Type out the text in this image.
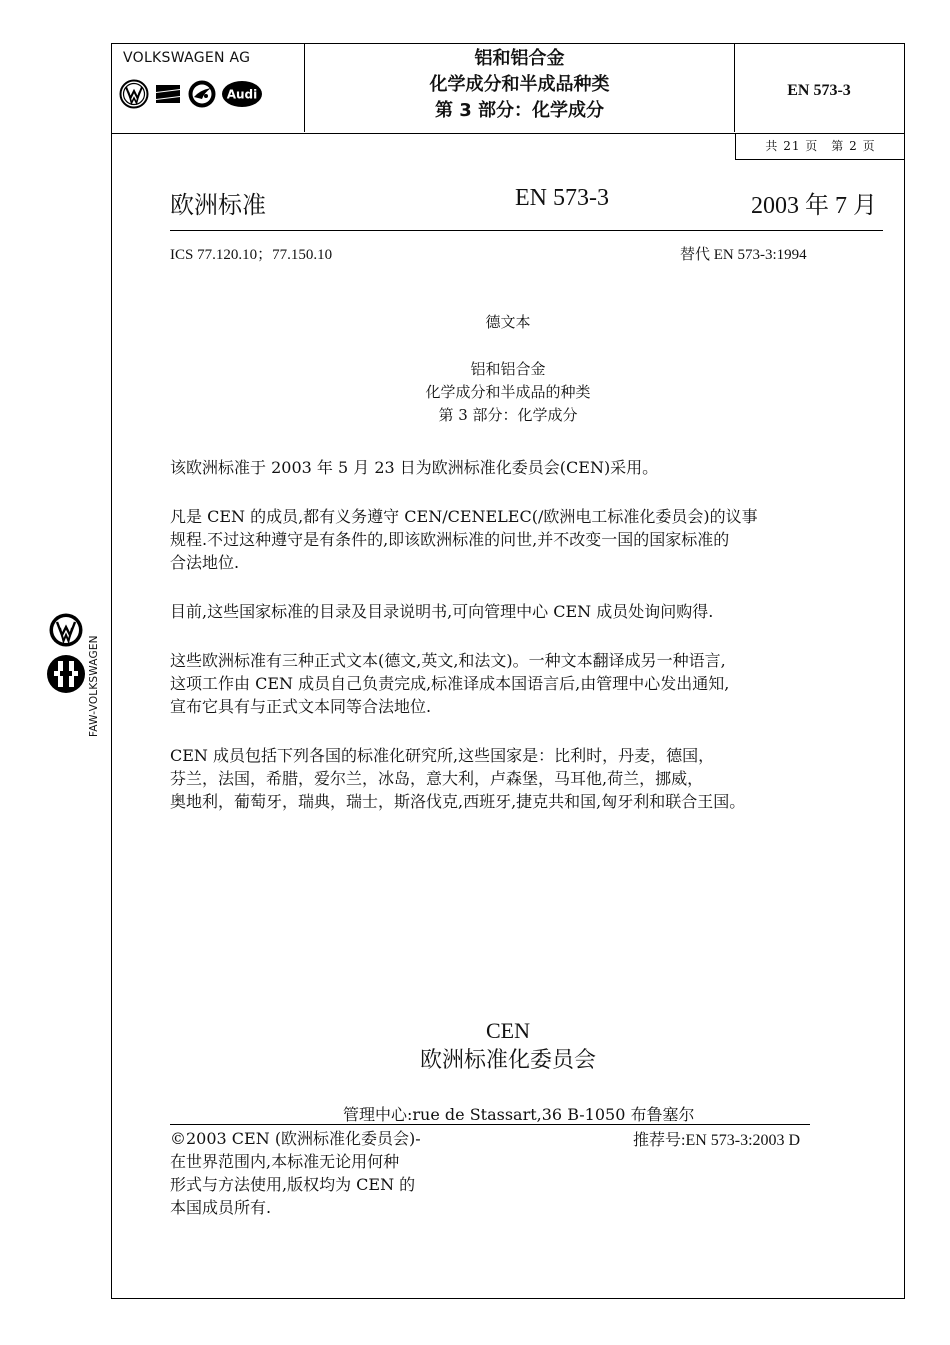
VOLKSWAGEN AG
Audi
铝和铝合金
化学成分和半成品种类
第 3 部分：化学成分
EN 573-3
共 21 页　第 2 页
欧洲标准	EN 573-3	2003 年 7 月
ICS 77.120.10；77.150.10	替代 EN 573-3:1994
德文本
铝和铝合金
化学成分和半成品的种类
第 3 部分：化学成分
该欧洲标准于 2003 年 5 月 23 日为欧洲标准化委员会(CEN)采用。
凡是 CEN 的成员,都有义务遵守 CEN/CENELEC(/欧洲电工标准化委员会)的议事
规程.不过这种遵守是有条件的,即该欧洲标准的问世,并不改变一国的国家标准的
合法地位.
目前,这些国家标准的目录及目录说明书,可向管理中心 CEN 成员处询问购得.
这些欧洲标准有三种正式文本(德文,英文,和法文)。一种文本翻译成另一种语言,
这项工作由 CEN 成员自己负责完成,标准译成本国语言后,由管理中心发出通知,
宣布它具有与正式文本同等合法地位.
CEN 成员包括下列各国的标准化研究所,这些国家是：比利时，丹麦，德国，
芬兰，法国，希腊，爱尔兰，冰岛，意大利，卢森堡，马耳他,荷兰，挪威，
奥地利，葡萄牙，瑞典，瑞士，斯洛伐克,西班牙,捷克共和国,匈牙利和联合王国。
CEN
欧洲标准化委员会
管理中心:rue de Stassart,36 B-1050 布鲁塞尔
©2003 CEN (欧洲标准化委员会)-
在世界范围内,本标准无论用何种
形式与方法使用,版权均为 CEN 的
本国成员所有.
推荐号:EN 573-3:2003 D
FAW-VOLKSWAGEN
